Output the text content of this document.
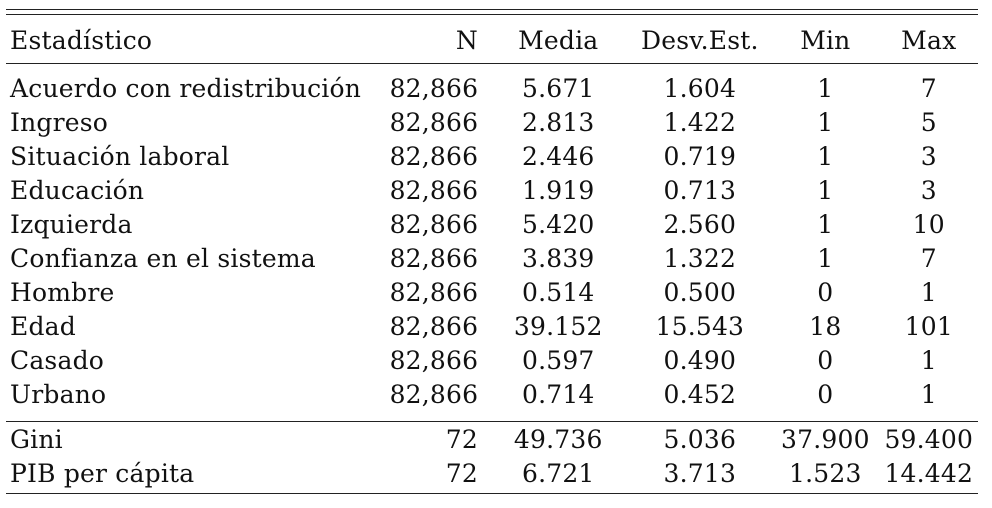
Estadístico	N	Media	Desv.Est.	Min	Max
Acuerdo con redistribución	82,866	5.671	1.604	1	7
Ingreso	82,866	2.813	1.422	1	5
Situación laboral	82,866	2.446	0.719	1	3
Educación	82,866	1.919	0.713	1	3
Izquierda	82,866	5.420	2.560	1	10
Confianza en el sistema	82,866	3.839	1.322	1	7
Hombre	82,866	0.514	0.500	0	1
Edad	82,866	39.152	15.543	18	101
Casado	82,866	0.597	0.490	0	1
Urbano	82,866	0.714	0.452	0	1
Gini	72	49.736	5.036	37.900	59.400
PIB per cápita	72	6.721	3.713	1.523	14.442
